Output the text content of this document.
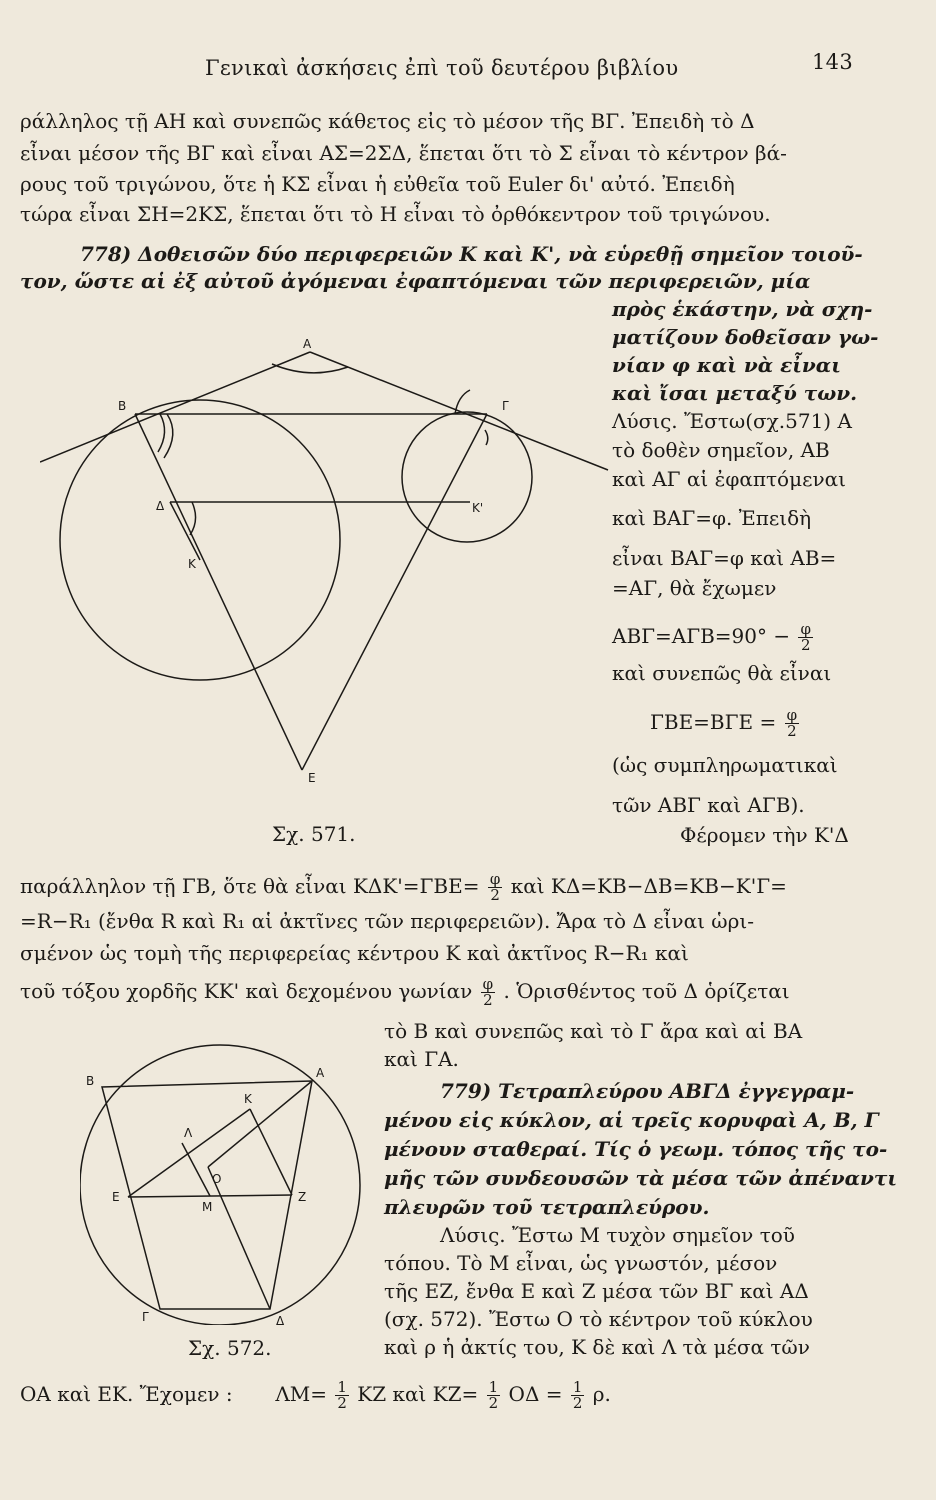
Γενικαὶ ἀσκήσεις ἐπὶ τοῦ δευτέρου βιβλίου	143
ράλληλος τῇ ΑΗ καὶ συνεπῶς κάθετος εἰς τὸ μέσον τῆς ΒΓ. Ἐπειδὴ τὸ Δ
εἶναι μέσον τῆς ΒΓ καὶ εἶναι ΑΣ=2ΣΔ, ἕπεται ὅτι τὸ Σ εἶναι τὸ κέντρον βά-
ρους τοῦ τριγώνου, ὅτε ἡ ΚΣ εἶναι ἡ εὐθεῖα τοῦ Euler δι' αὐτό. Ἐπειδὴ
τώρα εἶναι ΣΗ=2ΚΣ, ἕπεται ὅτι τὸ Η εἶναι τὸ ὀρθόκεντρον τοῦ τριγώνου.
778) Δοθεισῶν δύο περιφερειῶν Κ καὶ Κ', νὰ εὑρεθῇ σημεῖον τοιοῦ-
τον, ὥστε αἱ ἐξ αὐτοῦ ἀγόμεναι ἐφαπτόμεναι τῶν περιφερειῶν, μία
πρὸς ἑκάστην, νὰ σχη-
ματίζουν δοθεῖσαν γω-
νίαν φ καὶ νὰ εἶναι
καὶ ἴσαι μεταξύ των.
Λύσις. Ἔστω(σχ.571) Α
τὸ δοθὲν σημεῖον, ΑΒ
καὶ ΑΓ αἱ ἐφαπτόμεναι
καὶ ΒΑΓ=φ. Ἐπειδὴ
εἶναι ΒΑΓ=φ καὶ ΑΒ=
=ΑΓ, θὰ ἔχωμεν
$AB\Gamma=A\Gamma B=90^\circ - \frac{\varphi}{2}$
καὶ συνεπῶς θὰ εἶναι
$\Gamma BE=B\Gamma E = \frac{\varphi}{2}$
(ὡς συμπληρωματικαὶ
τῶν ΑΒΓ καὶ ΑΓΒ).
Φέρομεν τὴν Κ'Δ
Α
Β	Γ
Δ
Κ
Κ'
Ε
Σχ. 571.
παράλληλον τῇ ΓΒ, ὅτε θὰ εἶναι $K\Delta K'=\Gamma BE= \frac{\varphi}{2}$ καὶ ΚΔ=ΚΒ−ΔΒ=ΚΒ−Κ'Γ=
=R−R₁ (ἔνθα R καὶ R₁ αἱ ἀκτῖνες τῶν περιφερειῶν). Ἄρα τὸ Δ εἶναι ὡρι-
σμένον ὡς τομὴ τῆς περιφερείας κέντρου Κ καὶ ἀκτῖνος R−R₁ καὶ
τοῦ τόξου χορδῆς ΚΚ' καὶ δεχομένου γωνίαν $\frac{\varphi}{2}$ . Ὁρισθέντος τοῦ Δ ὁρίζεται
τὸ Β καὶ συνεπῶς καὶ τὸ Γ ἄρα καὶ αἱ ΒΑ
καὶ ΓΑ.
779) Τετραπλεύρου ΑΒΓΔ ἐγγεγραμ-
μένου εἰς κύκλον, αἱ τρεῖς κορυφαὶ Α, Β, Γ
μένουν σταθεραί. Τίς ὁ γεωμ. τόπος τῆς το-
μῆς τῶν συνδεουσῶν τὰ μέσα τῶν ἀπέναντι
πλευρῶν τοῦ τετραπλεύρου.
Λύσις. Ἔστω Μ τυχὸν σημεῖον τοῦ
τόπου. Τὸ Μ εἶναι, ὡς γνωστόν, μέσον
τῆς ΕΖ, ἔνθα Ε καὶ Ζ μέσα τῶν ΒΓ καὶ ΑΔ
(σχ. 572). Ἔστω Ο τὸ κέντρον τοῦ κύκλου
καὶ ρ ἡ ἀκτίς του, Κ δὲ καὶ Λ τὰ μέσα τῶν
Α
Β
Γ	Δ
Ε	Ζ
Κ
Λ
Μ
Ο
Σχ. 572.
ΟΑ καὶ ΕΚ. Ἔχομεν : $\Lambda M= \frac{1}{2}$ ΚΖ καὶ $KZ= \frac{1}{2}$ $O\Delta = \frac{1}{2} \rho$.
